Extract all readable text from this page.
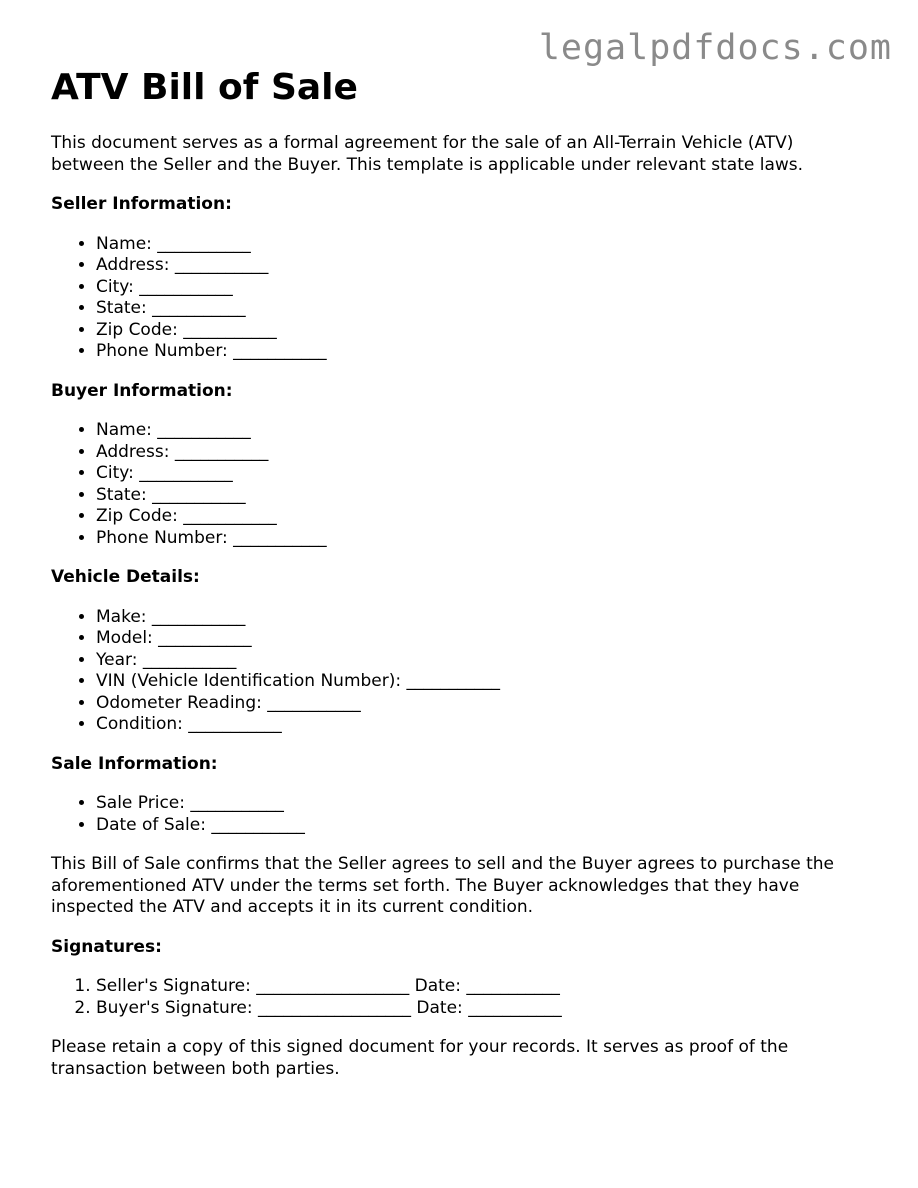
legalpdfdocs.com
ATV Bill of Sale

This document serves as a formal agreement for the sale of an All-Terrain Vehicle (ATV) between the Seller and the Buyer. This template is applicable under relevant state laws.

Seller Information:
• Name: ___________
• Address: ___________
• City: ___________
• State: ___________
• Zip Code: ___________
• Phone Number: ___________
Buyer Information:
• Name: ___________
• Address: ___________
• City: ___________
• State: ___________
• Zip Code: ___________
• Phone Number: ___________
Vehicle Details:
• Make: ___________
• Model: ___________
• Year: ___________
• VIN (Vehicle Identification Number): ___________
• Odometer Reading: ___________
• Condition: ___________
Sale Information:
• Sale Price: ___________
• Date of Sale: ___________

This Bill of Sale confirms that the Seller agrees to sell and the Buyer agrees to purchase the aforementioned ATV under the terms set forth. The Buyer acknowledges that they have inspected the ATV and accepts it in its current condition.

Signatures:
1. Seller's Signature: __________________ Date: ___________
2. Buyer's Signature: __________________ Date: ___________

Please retain a copy of this signed document for your records. It serves as proof of the transaction between both parties.
